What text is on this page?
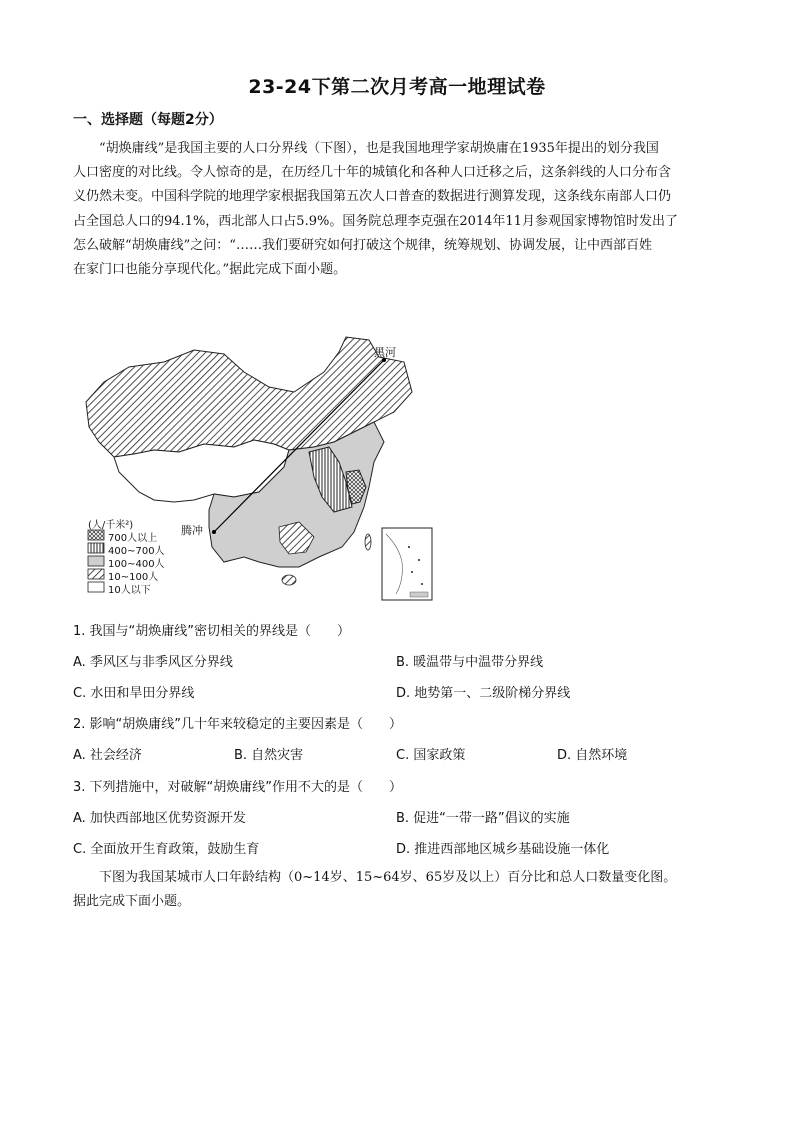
23-24下第二次月考高一地理试卷
一、选择题（每题2分）
“胡焕庸线”是我国主要的人口分界线（下图），也是我国地理学家胡焕庸在1935年提出的划分我国
人口密度的对比线。令人惊奇的是，在历经几十年的城镇化和各种人口迁移之后，这条斜线的人口分布含
义仍然未变。中国科学院的地理学家根据我国第五次人口普查的数据进行测算发现，这条线东南部人口仍
占全国总人口的94.1%，西北部人口占5.9%。国务院总理李克强在2014年11月参观国家博物馆时发出了
怎么破解“胡焕庸线”之问：“……我们要研究如何打破这个规律，统筹规划、协调发展，让中西部百姓
在家门口也能分享现代化。”据此完成下面小题。
黑河
腾冲
(人/千米²)
700人以上
400~700人
100~400人
10~100人
10人以下
1. 我国与“胡焕庸线”密切相关的界线是（　　）
A. 季风区与非季风区分界线	B. 暖温带与中温带分界线
C. 水田和旱田分界线	D. 地势第一、二级阶梯分界线
2. 影响“胡焕庸线”几十年来较稳定的主要因素是（　　）
A. 社会经济	B. 自然灾害	C. 国家政策	D. 自然环境
3. 下列措施中，对破解“胡焕庸线”作用不大的是（　　）
A. 加快西部地区优势资源开发	B. 促进“一带一路”倡议的实施
C. 全面放开生育政策，鼓励生育	D. 推进西部地区城乡基础设施一体化
下图为我国某城市人口年龄结构（0~14岁、15~64岁、65岁及以上）百分比和总人口数量变化图。
据此完成下面小题。
